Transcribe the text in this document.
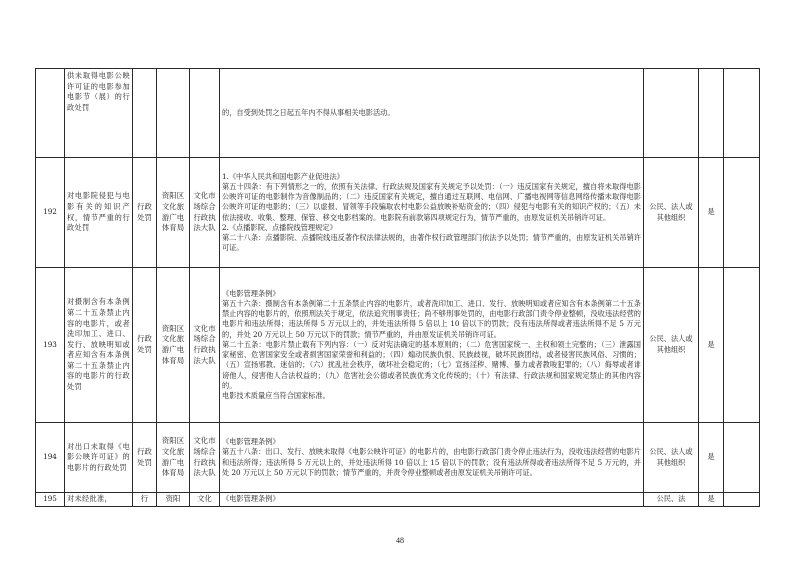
	供未取得电影公映许可证的电影参加电影节（展）的行政处罚				的，自受到处罚之日起五年内不得从事相关电影活动。			

192	对电影院侵犯与电影有关的知识产权，情节严重的行政处罚	行政处罚	资阳区文化旅游广电体育局	文化市场综合行政执法大队	1.《中华人民共和国电影产业促进法》
第五十四条：有下列情形之一的，依照有关法律、行政法规及国家有关规定予以处罚：（一）违反国家有关规定，擅自将未取得电影公映许可证的电影制作为音像制品的；（二）违反国家有关规定，擅自通过互联网、电信网、广播电视网等信息网络传播未取得电影公映许可证的电影的；（三）以虚报、冒领等手段骗取农村电影公益放映补贴资金的；（四）侵犯与电影有关的知识产权的；（五）未依法接收、收集、整理、保管、移交电影档案的。电影院有前款第四项规定行为，情节严重的，由原发证机关吊销许可证。
2.《点播影院、点播院线管理规定》
第二十八条：点播影院、点播院线违反著作权法律法规的，由著作权行政管理部门依法予以处罚；情节严重的，由原发证机关吊销许可证。	公民、法人或其他组织	是	
193	对摄制含有本条例第二十五条禁止内容的电影片，或者洗印加工、进口、发行、放映明知或者应知含有本条例第二十五条禁止内容的电影片的行政处罚	行政处罚	资阳区文化旅游广电体育局	文化市场综合行政执法大队	《电影管理条例》
第五十六条：摄制含有本条例第二十五条禁止内容的电影片，或者洗印加工、进口、发行、放映明知或者应知含有本条例第二十五条禁止内容的电影片的，依照刑法关于规定，依法追究刑事责任；尚不够刑事处罚的，由电影行政部门责令停业整顿，没收违法经营的电影片和违法所得；违法所得 5 万元以上的，并处违法所得 5 倍以上 10 倍以下的罚款；没有违法所得或者违法所得不足 5 万元的，并处 20 万元以上 50 万元以下的罚款；情节严重的，并由原发证机关吊销许可证。
第二十五条：电影片禁止载有下列内容：（一）反对宪法确定的基本原则的；（二）危害国家统一、主权和领土完整的；（三）泄露国家秘密、危害国家安全或者损害国家荣誉和利益的；（四）煽动民族仇恨、民族歧视，破坏民族团结，或者侵害民族风俗、习惯的；（五）宣扬邪教、迷信的；（六）扰乱社会秩序，破坏社会稳定的；（七）宣扬淫秽、赌博、暴力或者教唆犯罪的；（八）侮辱或者诽谤他人，侵害他人合法权益的；（九）危害社会公德或者民族优秀文化传统的；（十）有法律、行政法规和国家规定禁止的其他内容的。
电影技术质量应当符合国家标准。	公民、法人或其他组织	是	
194	对出口未取得《电影公映许可证》的电影片的行政处罚	行政处罚	资阳区文化旅游广电体育局	文化市场综合行政执法大队	《电影管理条例》
第五十八条：出口、发行、放映未取得《电影公映许可证》的电影片的，由电影行政部门责令停止违法行为，没收违法经营的电影片和违法所得；违法所得 5 万元以上的，并处违法所得 10 倍以上 15 倍以下的罚款；没有违法所得或者违法所得不足 5 万元的，并处 20 万元以上 50 万元以下的罚款；情节严重的，并责令停业整顿或者由原发证机关吊销许可证。	公民、法人或其他组织	是	
195	对未经批准，	行	资阳	文化	《电影管理条例》	公民、法	是	
48
